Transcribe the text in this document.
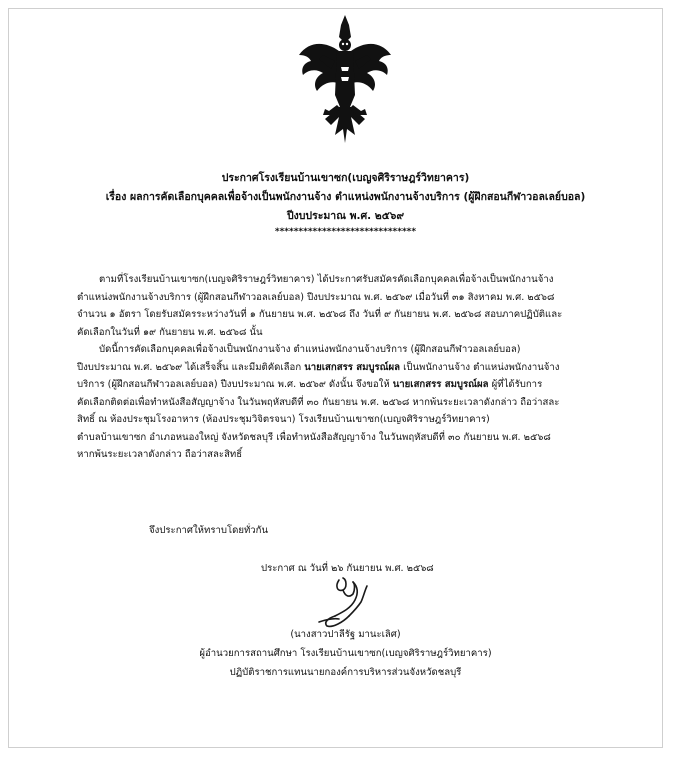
ประกาศโรงเรียนบ้านเขาซก(เบญจศิริราษฎร์วิทยาคาร)
เรื่อง ผลการคัดเลือกบุคคลเพื่อจ้างเป็นพนักงานจ้าง ตำแหน่งพนักงานจ้างบริการ (ผู้ฝึกสอนกีฬาวอลเลย์บอล)
ปีงบประมาณ พ.ศ. ๒๕๖๙
******************************
ตามที่โรงเรียนบ้านเขาซก(เบญจศิริราษฎร์วิทยาคาร) ได้ประกาศรับสมัครคัดเลือกบุคคลเพื่อจ้างเป็นพนักงานจ้าง
ตำแหน่งพนักงานจ้างบริการ (ผู้ฝึกสอนกีฬาวอลเลย์บอล) ปีงบประมาณ พ.ศ. ๒๕๖๙ เมื่อวันที่ ๓๑ สิงหาคม พ.ศ. ๒๕๖๘
จำนวน ๑ อัตรา โดยรับสมัครระหว่างวันที่ ๑ กันยายน พ.ศ. ๒๕๖๘ ถึง วันที่ ๙ กันยายน พ.ศ. ๒๕๖๘ สอบภาคปฏิบัติและ
คัดเลือกในวันที่ ๑๙ กันยายน พ.ศ. ๒๕๖๘ นั้น
บัดนี้การคัดเลือกบุคคลเพื่อจ้างเป็นพนักงานจ้าง ตำแหน่งพนักงานจ้างบริการ (ผู้ฝึกสอนกีฬาวอลเลย์บอล)
ปีงบประมาณ พ.ศ. ๒๕๖๙ ได้เสร็จสิ้น และมีมติคัดเลือก นายเสกสรร สมบูรณ์ผล เป็นพนักงานจ้าง ตำแหน่งพนักงานจ้าง
บริการ (ผู้ฝึกสอนกีฬาวอลเลย์บอล) ปีงบประมาณ พ.ศ. ๒๕๖๙ ดังนั้น จึงขอให้ นายเสกสรร สมบูรณ์ผล ผู้ที่ได้รับการ
คัดเลือกติดต่อเพื่อทำหนังสือสัญญาจ้าง ในวันพฤหัสบดีที่ ๓๐ กันยายน พ.ศ. ๒๕๖๘ หากพ้นระยะเวลาดังกล่าว ถือว่าสละ
สิทธิ์ ณ ห้องประชุมโรงอาหาร (ห้องประชุมวิจิตรจนา) โรงเรียนบ้านเขาซก(เบญจศิริราษฎร์วิทยาคาร)
ตำบลบ้านเขาซก อำเภอหนองใหญ่ จังหวัดชลบุรี เพื่อทำหนังสือสัญญาจ้าง ในวันพฤหัสบดีที่ ๓๐ กันยายน พ.ศ. ๒๕๖๘
หากพ้นระยะเวลาดังกล่าว ถือว่าสละสิทธิ์
จึงประกาศให้ทราบโดยทั่วกัน
ประกาศ ณ วันที่ ๒๖ กันยายน พ.ศ. ๒๕๖๘
(นางสาวปาลีรัฐ มานะเลิศ)
ผู้อำนวยการสถานศึกษา โรงเรียนบ้านเขาซก(เบญจศิริราษฎร์วิทยาคาร)
ปฏิบัติราชการแทนนายกองค์การบริหารส่วนจังหวัดชลบุรี
